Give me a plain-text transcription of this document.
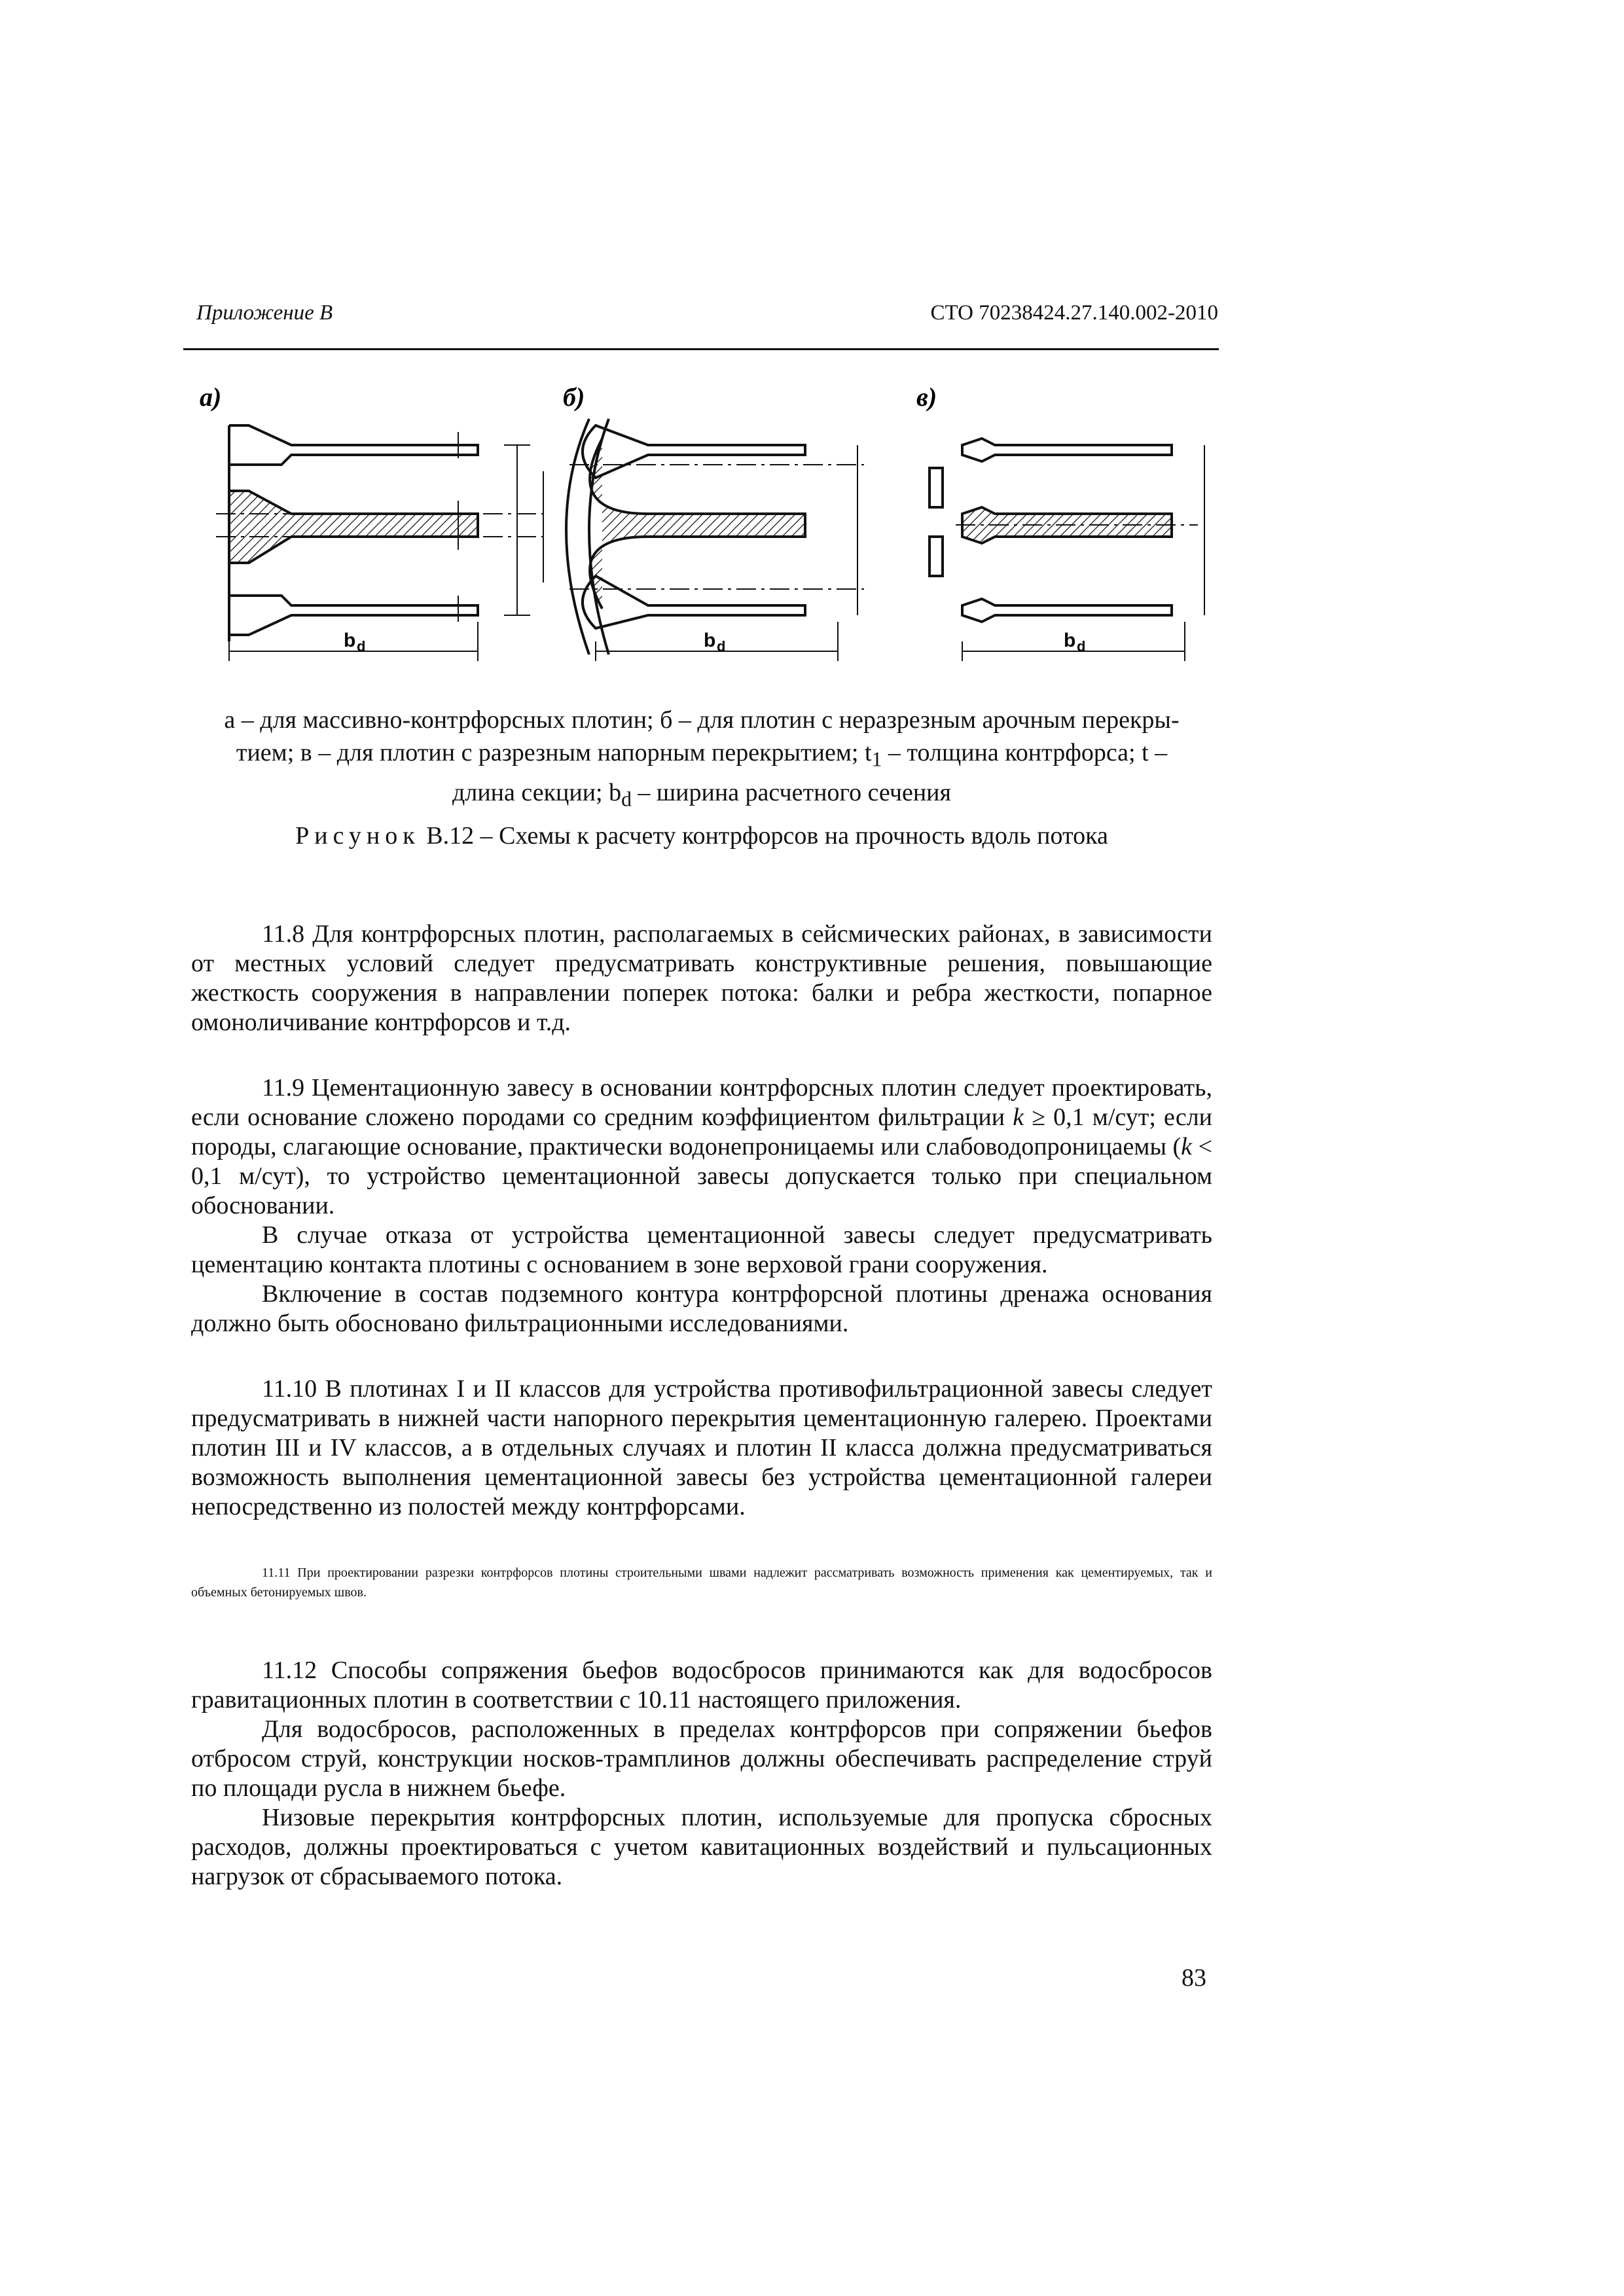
Приложение В	СТО 70238424.27.140.002-2010
а)
b d
б)
b d
в)
b d
а – для массивно-контрфорсных плотин; б – для плотин с неразрезным арочным перекры-
тием; в – для плотин с разрезным напорным перекрытием; $t_1$ – толщина контрфорса; t –
длина секции; $b_d$ – ширина расчетного сечения
Рисунок В.12 – Схемы к расчету контрфорсов на прочность вдоль потока

11.8 Для контрфорсных плотин, располагаемых в сейсмических районах, в зависимости от местных условий следует предусматривать конструктивные решения, повышающие жесткость сооружения в направлении поперек потока: балки и ребра жесткости, попарное омоноличивание контрфорсов и т.д.

11.9 Цементационную завесу в основании контрфорсных плотин следует проектировать, если основание сложено породами со средним коэффициентом фильтрации k ≥ 0,1 м/сут; если породы, слагающие основание, практически водонепроницаемы или слабоводопроницаемы (k < 0,1 м/сут), то устройство цементационной завесы допускается только при специальном обосновании.

В случае отказа от устройства цементационной завесы следует предусматривать цементацию контакта плотины с основанием в зоне верховой грани сооружения.

Включение в состав подземного контура контрфорсной плотины дренажа основания должно быть обосновано фильтрационными исследованиями.

11.10 В плотинах I и II классов для устройства противофильтрационной завесы следует предусматривать в нижней части напорного перекрытия цементационную галерею. Проектами плотин III и IV классов, а в отдельных случаях и плотин II класса должна предусматриваться возможность выполнения цементационной завесы без устройства цементационной галереи непосредственно из полостей между контрфорсами.

11.11 При проектировании разрезки контрфорсов плотины строительными швами надлежит рассматривать возможность применения как цементируемых, так и объемных бетонируемых швов.

11.12 Способы сопряжения бьефов водосбросов принимаются как для водосбросов гравитационных плотин в соответствии с 10.11 настоящего приложения.

Для водосбросов, расположенных в пределах контрфорсов при сопряжении бьефов отбросом струй, конструкции носков-трамплинов должны обеспечивать распределение струй по площади русла в нижнем бьефе.

Низовые перекрытия контрфорсных плотин, используемые для пропуска сбросных расходов, должны проектироваться с учетом кавитационных воздействий и пульсационных нагрузок от сбрасываемого потока.

83
